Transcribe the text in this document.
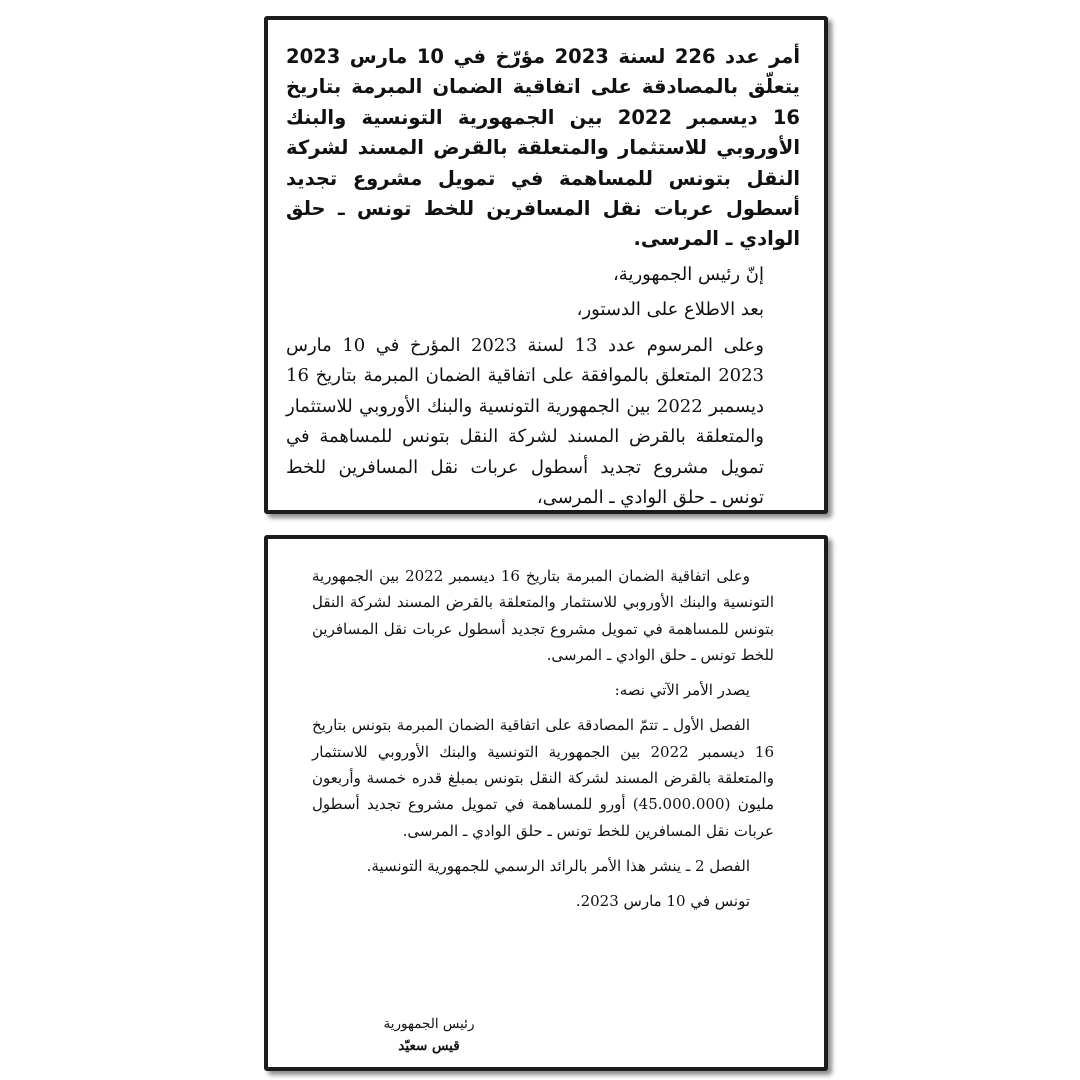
أمر عدد 226 لسنة 2023 مؤرّخ في 10 مارس 2023 يتعلّق بالمصادقة على اتفاقية الضمان المبرمة بتاريخ 16 ديسمبر 2022 بين الجمهورية التونسية والبنك الأوروبي للاستثمار والمتعلقة بالقرض المسند لشركة النقل بتونس للمساهمة في تمويل مشروع تجديد أسطول عربات نقل المسافرين للخط تونس ـ حلق الوادي ـ المرسى.

إنّ رئيس الجمهورية،

بعد الاطلاع على الدستور،

وعلى المرسوم عدد 13 لسنة 2023 المؤرخ في 10 مارس 2023 المتعلق بالموافقة على اتفاقية الضمان المبرمة بتاريخ 16 ديسمبر 2022 بين الجمهورية التونسية والبنك الأوروبي للاستثمار والمتعلقة بالقرض المسند لشركة النقل بتونس للمساهمة في تمويل مشروع تجديد أسطول عربات نقل المسافرين للخط تونس ـ حلق الوادي ـ المرسى،

وعلى اتفاقية الضمان المبرمة بتاريخ 16 ديسمبر 2022 بين الجمهورية التونسية والبنك الأوروبي للاستثمار والمتعلقة بالقرض المسند لشركة النقل بتونس للمساهمة في تمويل مشروع تجديد أسطول عربات نقل المسافرين للخط تونس ـ حلق الوادي ـ المرسى.

يصدر الأمر الآتي نصه:

الفصل الأول ـ تتمّ المصادقة على اتفاقية الضمان المبرمة بتونس بتاريخ 16 ديسمبر 2022 بين الجمهورية التونسية والبنك الأوروبي للاستثمار والمتعلقة بالقرض المسند لشركة النقل بتونس بمبلغ قدره خمسة وأربعون مليون (45.000.000) أورو للمساهمة في تمويل مشروع تجديد أسطول عربات نقل المسافرين للخط تونس ـ حلق الوادي ـ المرسى.

الفصل 2 ـ ينشر هذا الأمر بالرائد الرسمي للجمهورية التونسية.

تونس في 10 مارس 2023.

رئيس الجمهورية
قيس سعيّد
